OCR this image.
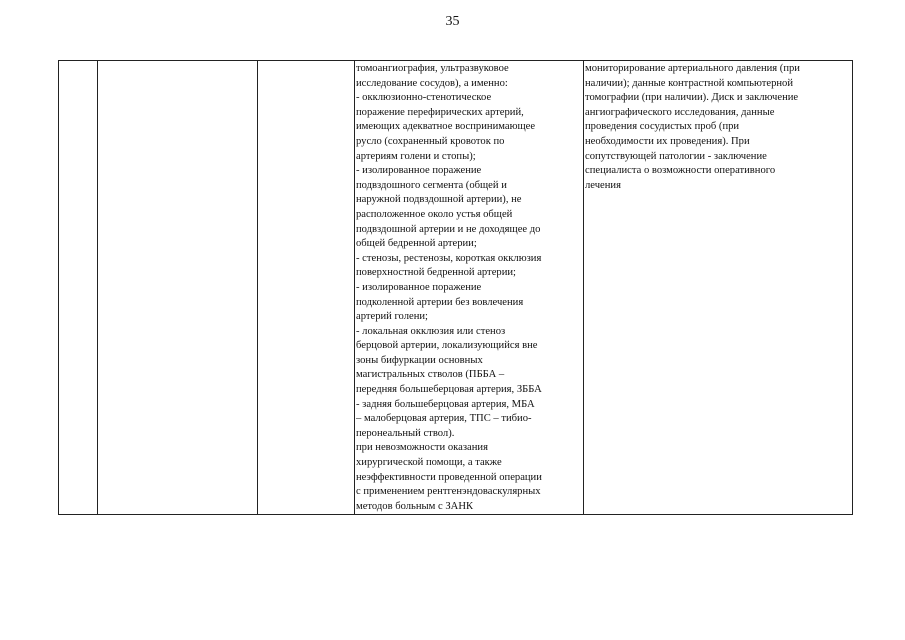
35

томоангиография, ультразвуковое
исследование сосудов), а именно:
- окклюзионно-стенотическое
поражение перефирических артерий,
имеющих адекватное воспринимающее
русло (сохраненный кровоток по
артериям голени и стопы);
- изолированное поражение
подвздошного сегмента (общей и
наружной подвздошной артерии), не
расположенное около устья общей
подвздошной артерии и не доходящее до
общей бедренной артерии;
- стенозы, рестенозы, короткая окклюзия
поверхностной бедренной артерии;
- изолированное поражение
подколенной артерии без вовлечения
артерий голени;
- локальная окклюзия или стеноз
берцовой артерии, локализующийся вне
зоны бифуркации основных
магистральных стволов (ПББА –
передняя большеберцовая артерия, ЗББА
- задняя большеберцовая артерия, МБА
– малоберцовая артерия, ТПС – тибио-
перонеальный ствол).
при невозможности оказания
хирургической помощи, а также
неэффективности проведенной операции
с применением рентгенэндоваскулярных
методов больным с ЗАНК

мониторирование артериального давления (при
наличии); данные контрастной компьютерной
томографии (при наличии). Диск и заключение
ангиографического исследования, данные
проведения сосудистых проб (при
необходимости их проведения). При
сопутствующей патологии - заключение
специалиста о возможности оперативного
лечения
